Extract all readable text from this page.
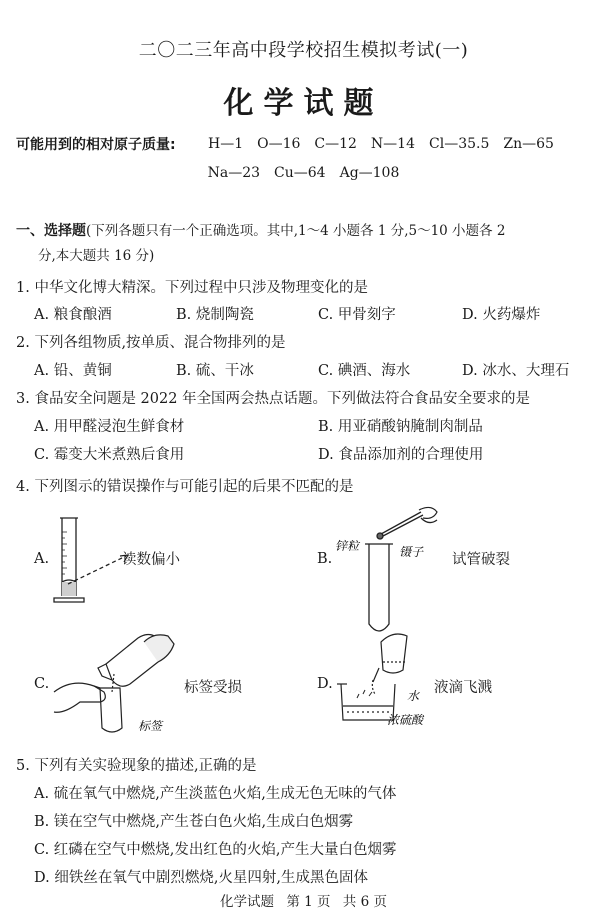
二〇二三年高中段学校招生模拟考试(一)
化学试题
可能用到的相对原子质量: H—1　O—16　C—12　N—14　Cl—35.5　Zn—65
Na—23　Cu—64　Ag—108
一、选择题(下列各题只有一个正确选项。其中,1～4 小题各 1 分,5～10 小题各 2
分,本大题共 16 分)
1. 中华文化博大精深。下列过程中只涉及物理变化的是
A. 粮食酿酒	B. 烧制陶瓷	C. 甲骨刻字	D. 火药爆炸
2. 下列各组物质,按单质、混合物排列的是
A. 铅、黄铜	B. 硫、干冰	C. 碘酒、海水	D. 冰水、大理石
3. 食品安全问题是 2022 年全国两会热点话题。下列做法符合食品安全要求的是
A. 用甲醛浸泡生鲜食材	B. 用亚硝酸钠腌制肉制品
C. 霉变大米煮熟后食用	D. 食品添加剂的合理使用
4. 下列图示的错误操作与可能引起的后果不匹配的是
A.	读数偏小	B.
锌粒	镊子 试管破裂
C.
标签
标签受损	D.
水
浓硫酸
液滴飞溅
5. 下列有关实验现象的描述,正确的是
A. 硫在氧气中燃烧,产生淡蓝色火焰,生成无色无味的气体
B. 镁在空气中燃烧,产生苍白色火焰,生成白色烟雾
C. 红磷在空气中燃烧,发出红色的火焰,产生大量白色烟雾
D. 细铁丝在氧气中剧烈燃烧,火星四射,生成黑色固体
化学试题 第 1 页 共 6 页
